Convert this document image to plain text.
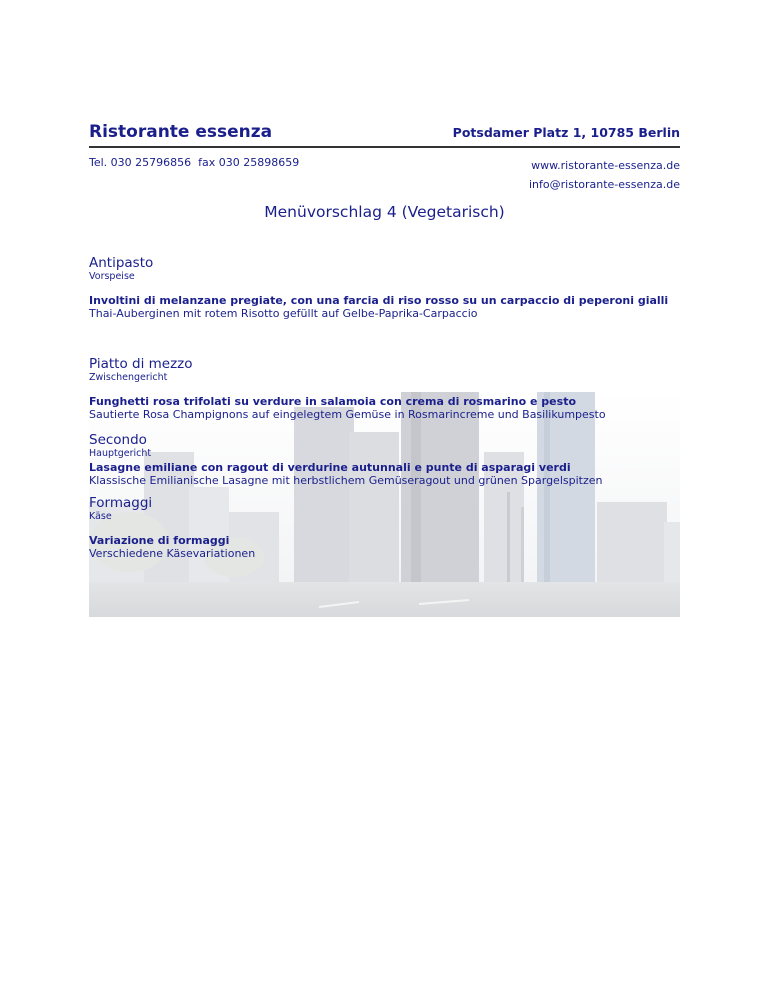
Ristorante essenza	Potsdamer Platz 1, 10785 Berlin
Tel. 030 25796856  fax 030 25898659	www.ristorante-essenza.de
info@ristorante-essenza.de
Menüvorschlag 4 (Vegetarisch)
Antipasto
Vorspeise
Involtini di melanzane pregiate, con una farcia di riso rosso su un carpaccio di peperoni gialli
Thai-Auberginen mit rotem Risotto gefüllt auf Gelbe-Paprika-Carpaccio
Piatto di mezzo
Zwischengericht
Funghetti rosa trifolati su verdure in salamoia con crema di rosmarino e pesto
Sautierte Rosa Champignons auf eingelegtem Gemüse in Rosmarincreme und Basilikumpesto
Secondo
Hauptgericht
Lasagne emiliane con ragout di verdurine autunnali e punte di asparagi verdi
Klassische Emilianische Lasagne mit herbstlichem Gemüseragout und grünen Spargelspitzen
Formaggi
Käse
Variazione di formaggi
Verschiedene Käsevariationen
